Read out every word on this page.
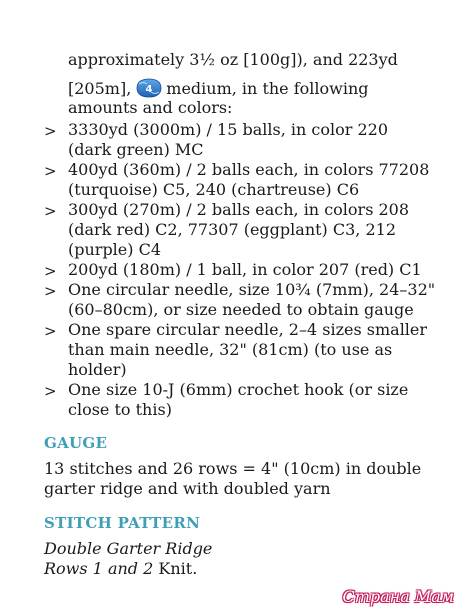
approximately 3½ oz [100g]), and 223yd
[205m], 4 medium, in the following
amounts and colors:
> 3330yd (3000m) / 15 balls, in color 220
(dark green) MC
> 400yd (360m) / 2 balls each, in colors 77208
(turquoise) C5, 240 (chartreuse) C6
> 300yd (270m) / 2 balls each, in colors 208
(dark red) C2, 77307 (eggplant) C3, 212
(purple) C4
> 200yd (180m) / 1 ball, in color 207 (red) C1
> One circular needle, size 10¾ (7mm), 24–32"
(60–80cm), or size needed to obtain gauge
> One spare circular needle, 2–4 sizes smaller
than main needle, 32" (81cm) (to use as
holder)
> One size 10-J (6mm) crochet hook (or size
close to this)
GAUGE
13 stitches and 26 rows = 4" (10cm) in double
garter ridge and with doubled yarn
STITCH PATTERN
Double Garter Ridge
Rows 1 and 2 Knit.
Страна Мам
